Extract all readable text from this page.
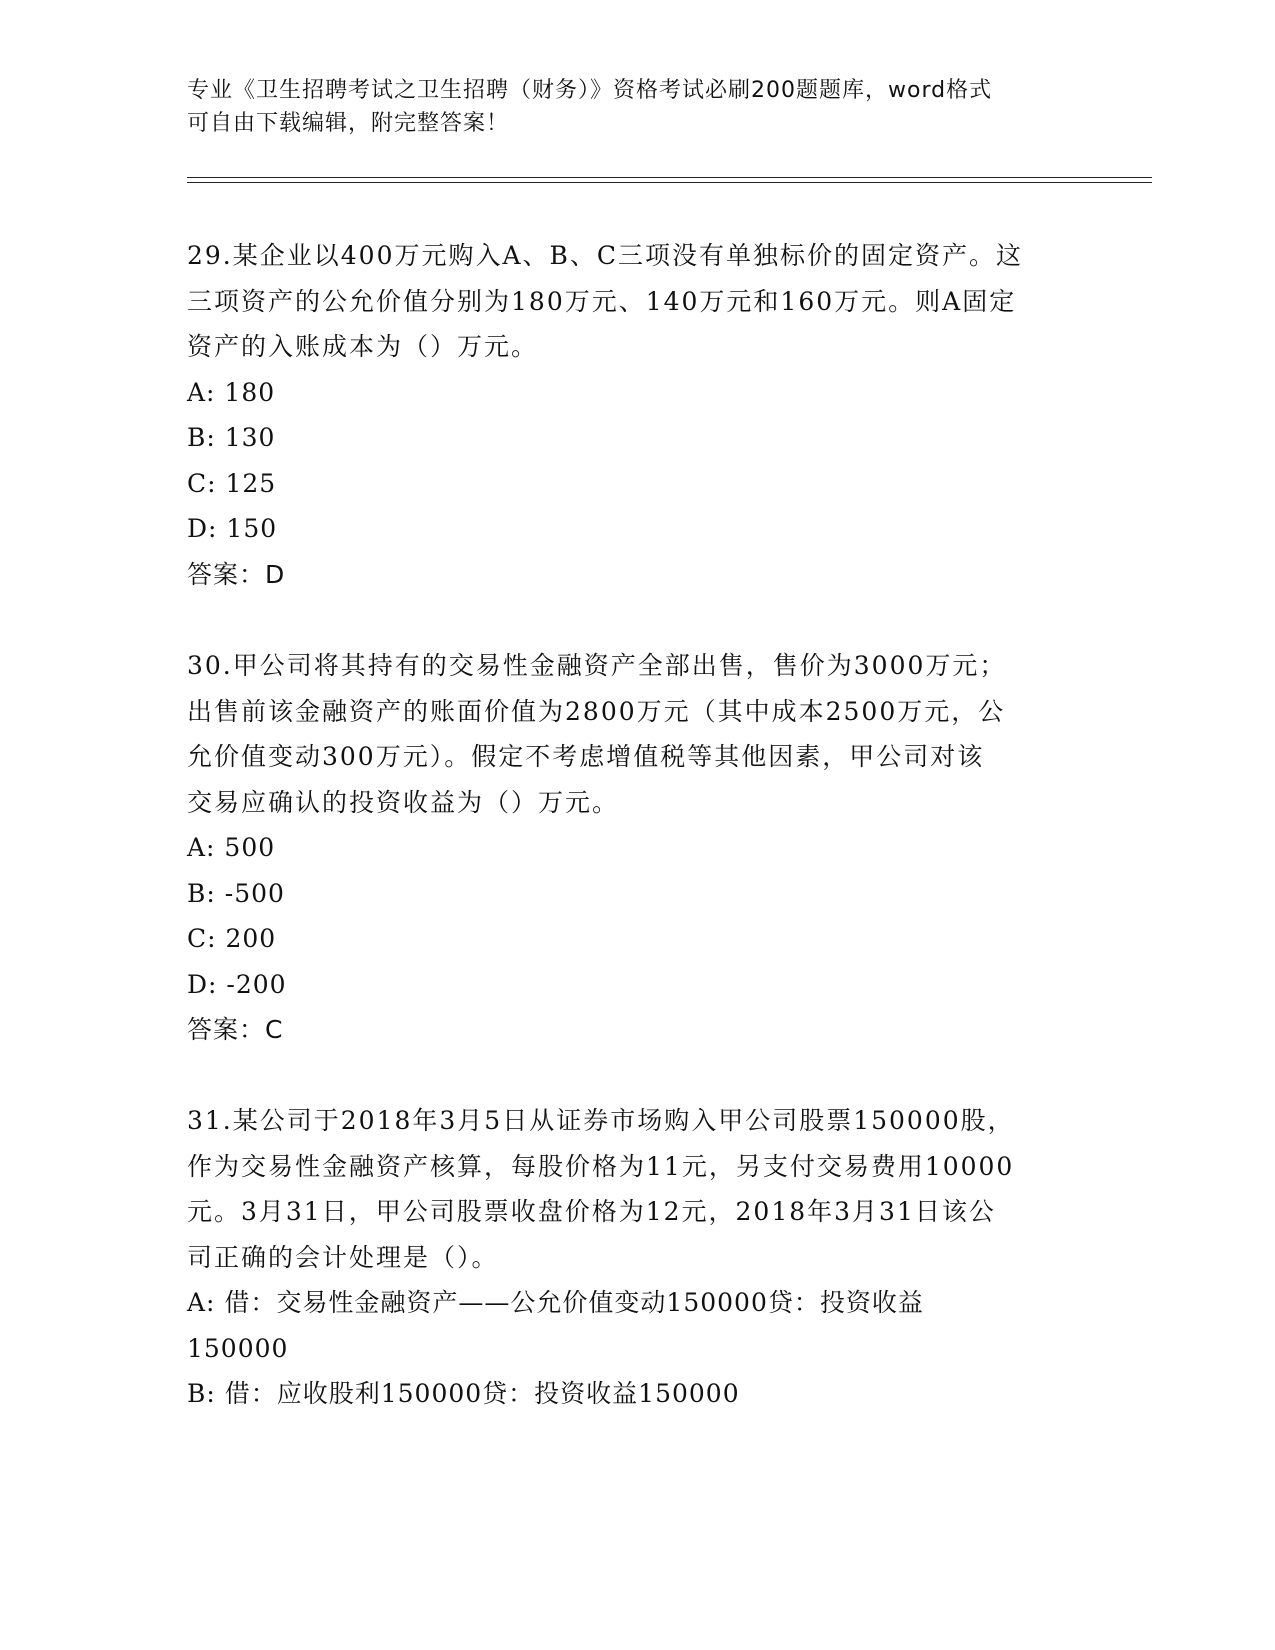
专业《卫生招聘考试之卫生招聘（财务）》资格考试必刷200题题库，word格式
可自由下载编辑，附完整答案！

29.某企业以400万元购入A、B、C三项没有单独标价的固定资产。这

三项资产的公允价值分别为180万元、140万元和160万元。则A固定

资产的入账成本为（）万元。

A: 180

B: 130

C: 125

D: 150

答案：D

30.甲公司将其持有的交易性金融资产全部出售，售价为3000万元；

出售前该金融资产的账面价值为2800万元（其中成本2500万元，公

允价值变动300万元）。假定不考虑增值税等其他因素，甲公司对该

交易应确认的投资收益为（）万元。

A: 500

B: -500

C: 200

D: -200

答案：C

31.某公司于2018年3月5日从证券市场购入甲公司股票150000股，

作为交易性金融资产核算，每股价格为11元，另支付交易费用10000

元。3月31日，甲公司股票收盘价格为12元，2018年3月31日该公

司正确的会计处理是（）。

A: 借：交易性金融资产——公允价值变动150000贷：投资收益

150000

B: 借：应收股利150000贷：投资收益150000
